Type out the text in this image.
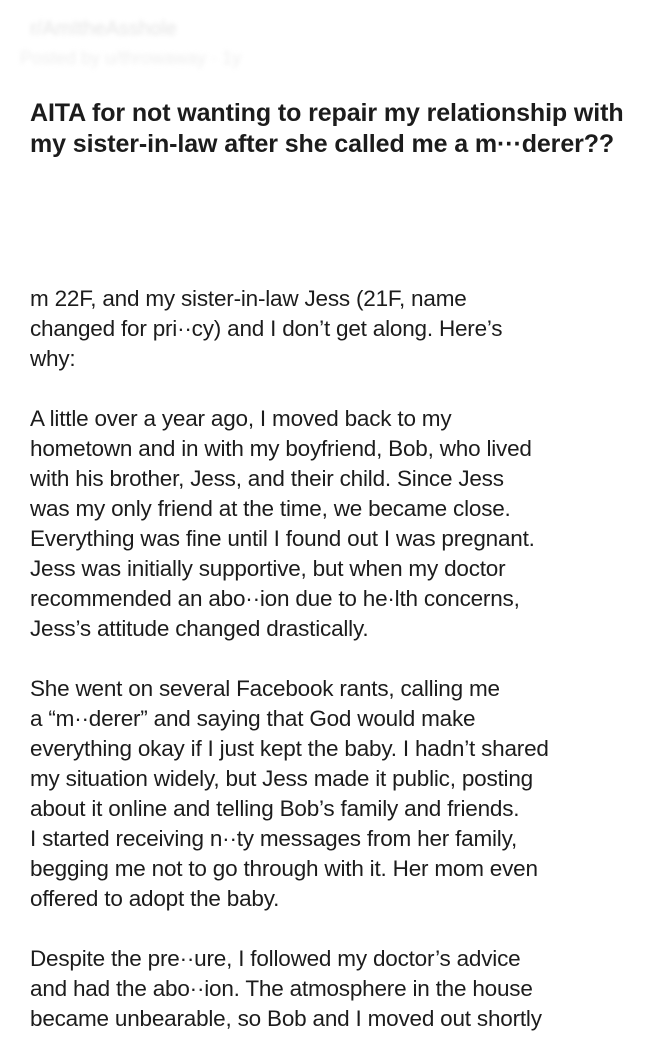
r/AmItheAsshole
Posted by u/throwaway · 1y
AITA for not wanting to repair my relationship with my sister-in-law after she called me a m···derer??

m 22F, and my sister-in-law Jess (21F, name
changed for pri··cy) and I don’t get along. Here’s
why:

A little over a year ago, I moved back to my
hometown and in with my boyfriend, Bob, who lived
with his brother, Jess, and their child. Since Jess
was my only friend at the time, we became close.
Everything was fine until I found out I was pregnant.
Jess was initially supportive, but when my doctor
recommended an abo··ion due to he·lth concerns,
Jess’s attitude changed drastically.

She went on several Facebook rants, calling me
a “m··derer” and saying that God would make
everything okay if I just kept the baby. I hadn’t shared
my situation widely, but Jess made it public, posting
about it online and telling Bob’s family and friends.
I started receiving n··ty messages from her family,
begging me not to go through with it. Her mom even
offered to adopt the baby.

Despite the pre··ure, I followed my doctor’s advice
and had the abo··ion. The atmosphere in the house
became unbearable, so Bob and I moved out shortly
